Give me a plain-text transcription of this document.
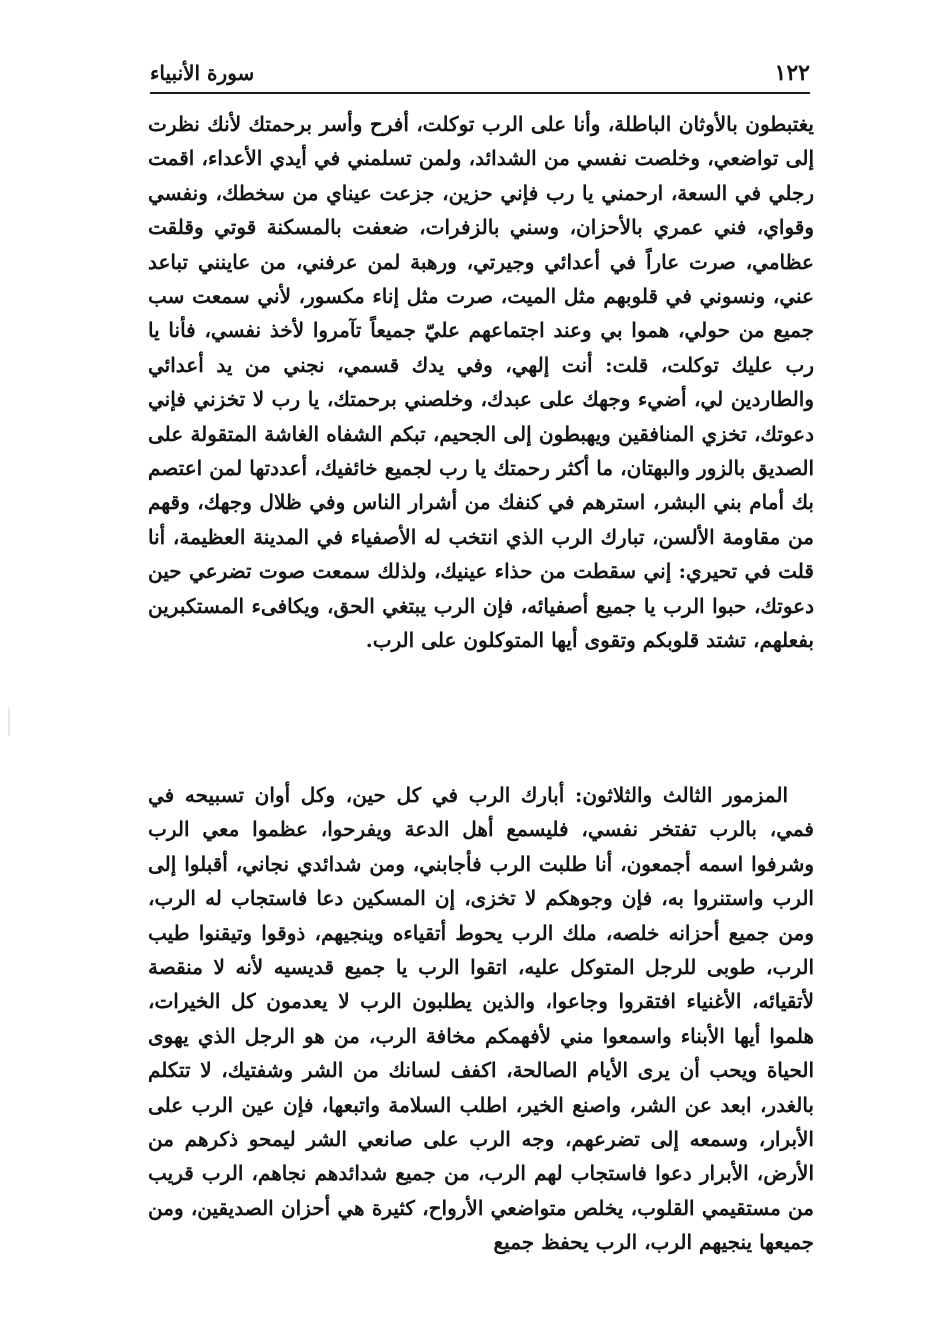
١٢٢
سورة الأنبياء
يغتبطون بالأوثان الباطلة، وأنا على الرب توكلت، أفرح وأسر برحمتك لأنك نظرت إلى تواضعي، وخلصت نفسي من الشدائد، ولمن تسلمني في أيدي الأعداء، اقمت رجلي في السعة، ارحمني يا رب فإني حزين، جزعت عيناي من سخطك، ونفسي وقواي، فني عمري بالأحزان، وسني بالزفرات، ضعفت بالمسكنة قوتي وقلقت عظامي، صرت عاراً في أعدائي وجيرتي، ورهبة لمن عرفني، من عاينني تباعد عني، ونسوني في قلوبهم مثل الميت، صرت مثل إناء مكسور، لأني سمعت سب جميع من حولي، هموا بي وعند اجتماعهم عليّ جميعاً تآمروا لأخذ نفسي، فأنا يا رب عليك توكلت، قلت: أنت إلهي، وفي يدك قسمي، نجني من يد أعدائي والطاردين لي، أضيء وجهك على عبدك، وخلصني برحمتك، يا رب لا تخزني فإني دعوتك، تخزي المنافقين ويهبطون إلى الجحيم، تبكم الشفاه الغاشة المتقولة على الصديق بالزور والبهتان، ما أكثر رحمتك يا رب لجميع خائفيك، أعددتها لمن اعتصم بك أمام بني البشر، استرهم في كنفك من أشرار الناس وفي ظلال وجهك، وقهم من مقاومة الألسن، تبارك الرب الذي انتخب له الأصفياء في المدينة العظيمة، أنا قلت في تحيري: إني سقطت من حذاء عينيك، ولذلك سمعت صوت تضرعي حين دعوتك، حبوا الرب يا جميع أصفيائه، فإن الرب يبتغي الحق، ويكافىء المستكبرين بفعلهم، تشتد قلوبكم وتقوى أيها المتوكلون على الرب.
المزمور الثالث والثلاثون: أبارك الرب في كل حين، وكل أوان تسبيحه في فمي، بالرب تفتخر نفسي، فليسمع أهل الدعة ويفرحوا، عظموا معي الرب وشرفوا اسمه أجمعون، أنا طلبت الرب فأجابني، ومن شدائدي نجاني، أقبلوا إلى الرب واستنروا به، فإن وجوهكم لا تخزى، إن المسكين دعا فاستجاب له الرب، ومن جميع أحزانه خلصه، ملك الرب يحوط أتقياءه وينجيهم، ذوقوا وتيقنوا طيب الرب، طوبى للرجل المتوكل عليه، اتقوا الرب يا جميع قديسيه لأنه لا منقصة لأتقيائه، الأغنياء افتقروا وجاعوا، والذين يطلبون الرب لا يعدمون كل الخيرات، هلموا أيها الأبناء واسمعوا مني لأفهمكم مخافة الرب، من هو الرجل الذي يهوى الحياة ويحب أن يرى الأيام الصالحة، اكفف لسانك من الشر وشفتيك، لا تتكلم بالغدر، ابعد عن الشر، واصنع الخير، اطلب السلامة واتبعها، فإن عين الرب على الأبرار، وسمعه إلى تضرعهم، وجه الرب على صانعي الشر ليمحو ذكرهم من الأرض، الأبرار دعوا فاستجاب لهم الرب، من جميع شدائدهم نجاهم، الرب قريب من مستقيمي القلوب، يخلص متواضعي الأرواح، كثيرة هي أحزان الصديقين، ومن جميعها ينجيهم الرب، الرب يحفظ جميع
